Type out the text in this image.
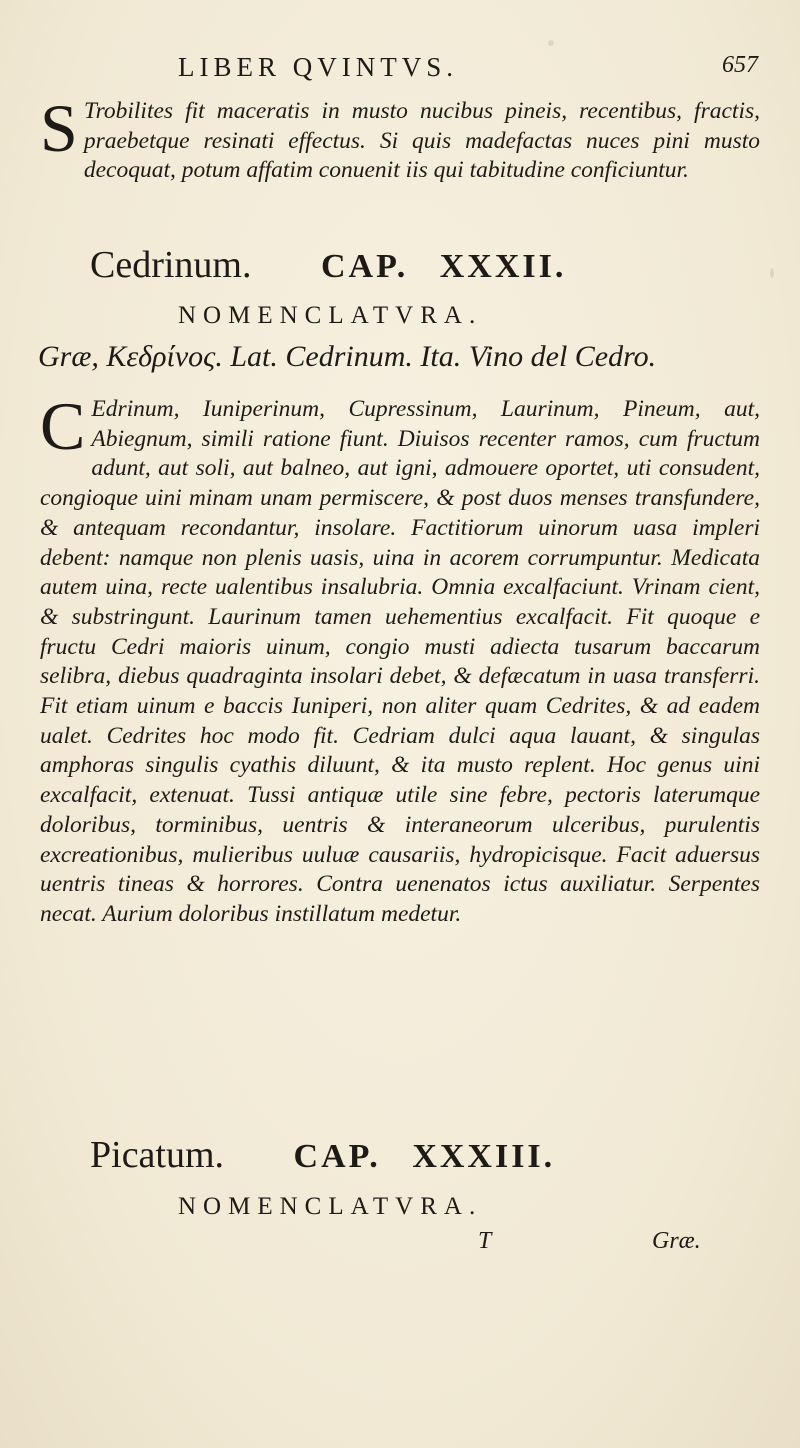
LIBER QVINTVS.	657

S Trobilites fit maceratis in musto nucibus pineis, recentibus, fractis, praebetque resinati effectus. Si quis madefactas nuces pini musto decoquat, potum affatim conuenit iis qui tabitudine conficiuntur.

Cedrinum. CAP. XXXII.
NOMENCLATVRA.
Græ, Κεδρίνος. Lat. Cedrinum. Ita. Vino del Cedro.

C Edrinum, Iuniperinum, Cupressinum, Laurinum, Pineum, aut, Abiegnum, simili ratione fiunt. Diuisos recenter ramos, cum fructum adunt, aut soli, aut balneo, aut igni, admouere oportet, uti consudent, congioque uini minam unam permiscere, & post duos menses transfundere, & antequam recondantur, insolare. Factitiorum uinorum uasa impleri debent: namque non plenis uasis, uina in acorem corrumpuntur. Medicata autem uina, recte ualentibus insalubria. Omnia excalfaciunt. Vrinam cient, & substringunt. Laurinum tamen uehementius excalfacit. Fit quoque e fructu Cedri maioris uinum, congio musti adiecta tusarum baccarum selibra, diebus quadraginta insolari debet, & defæcatum in uasa transferri. Fit etiam uinum e baccis Iuniperi, non aliter quam Cedrites, & ad eadem ualet. Cedrites hoc modo fit. Cedriam dulci aqua lauant, & singulas amphoras singulis cyathis diluunt, & ita musto replent. Hoc genus uini excalfacit, extenuat. Tussi antiquæ utile sine febre, pectoris laterumque doloribus, torminibus, uentris & interaneorum ulceribus, purulentis excreationibus, mulieribus uuluæ causariis, hydropicisque. Facit aduersus uentris tineas & horrores. Contra uenenatos ictus auxiliatur. Serpentes necat. Aurium doloribus instillatum medetur.

Picatum. CAP. XXXIII.
NOMENCLATVRA.
T	Græ.
